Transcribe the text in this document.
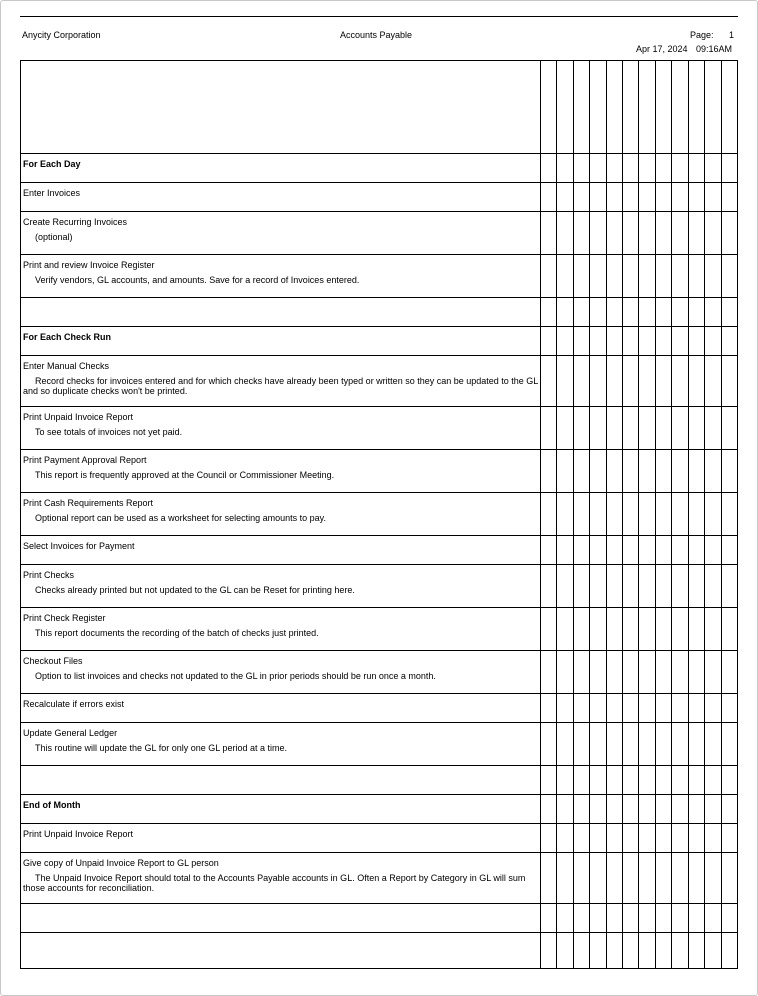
Anycity Corporation	Accounts Payable	Page: 1
Apr 17, 2024 09:16AM

For Each Day												

Enter Invoices												

Create Recurring Invoices
(optional)												

Print and review Invoice Register
Verify vendors, GL accounts, and amounts. Save for a record of Invoices entered.												

For Each Check Run												

Enter Manual Checks
Record checks for invoices entered and for which checks have already been typed or written so they can be updated to the GL and so duplicate checks won't be printed.												

Print Unpaid Invoice Report
To see totals of invoices not yet paid.												

Print Payment Approval Report
This report is frequently approved at the Council or Commissioner Meeting.												

Print Cash Requirements Report
Optional report can be used as a worksheet for selecting amounts to pay.												

Select Invoices for Payment												

Print Checks
Checks already printed but not updated to the GL can be Reset for printing here.												

Print Check Register
This report documents the recording of the batch of checks just printed.												

Checkout Files
Option to list invoices and checks not updated to the GL in prior periods should be run once a month.												

Recalculate if errors exist												

Update General Ledger
This routine will update the GL for only one GL period at a time.												

End of Month												

Print Unpaid Invoice Report												

Give copy of Unpaid Invoice Report to GL person
The Unpaid Invoice Report should total to the Accounts Payable accounts in GL. Often a Report by Category in GL will sum those accounts for reconciliation.												
